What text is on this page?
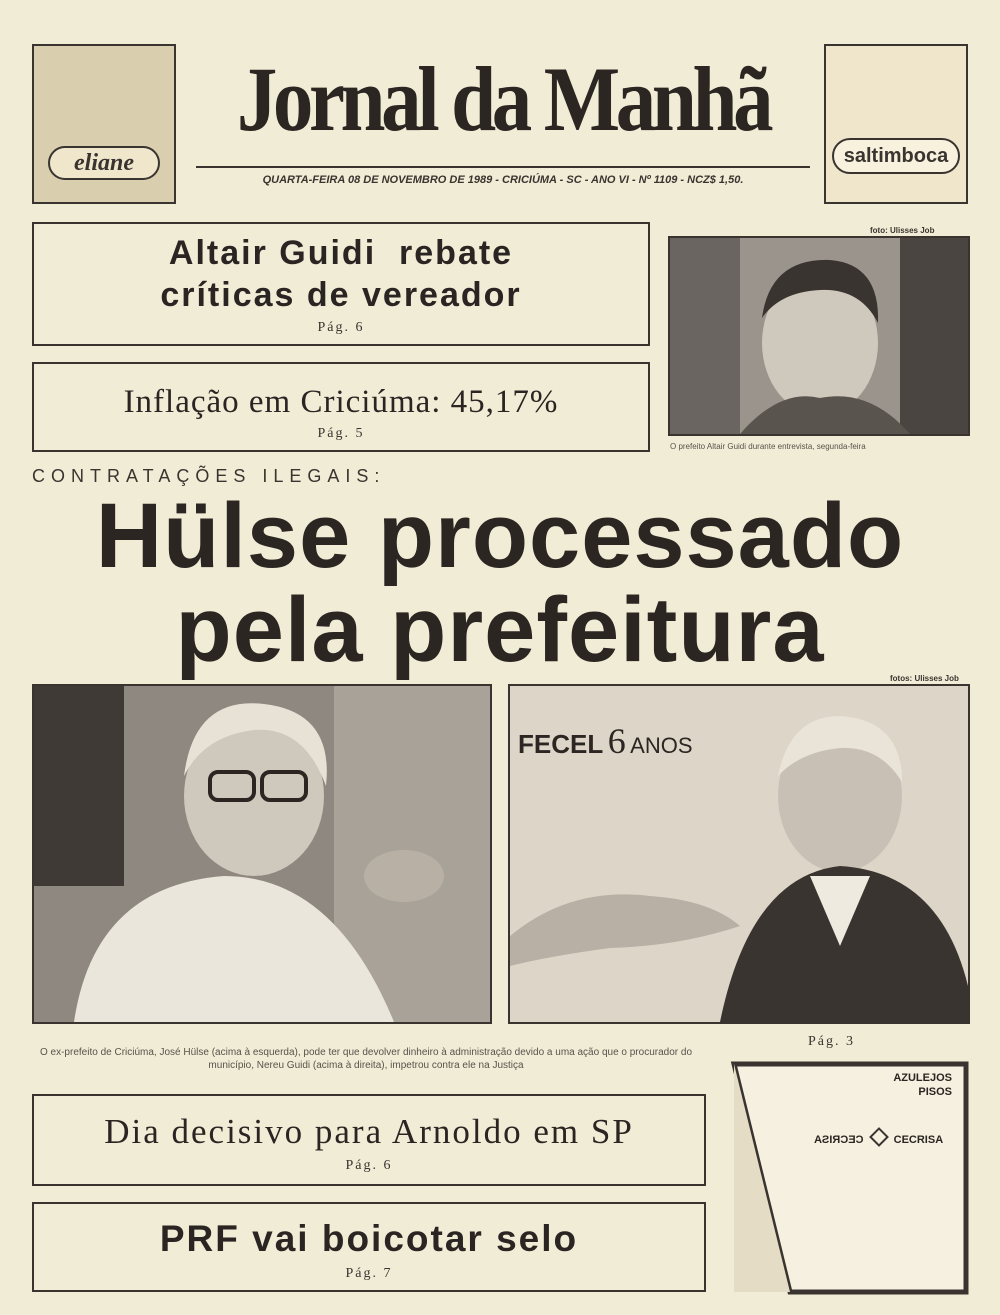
eliane
Jornal da Manhã
QUARTA-FEIRA 08 DE NOVEMBRO DE 1989 - CRICIÚMA - SC - ANO VI - Nº 1109 - NCZ$ 1,50.
saltimboca
Altair Guidi  rebate
críticas de vereador
Pág. 6
Inflação em Criciúma: 45,17%
Pág. 5
foto: Ulisses Job
O prefeito Altair Guidi durante entrevista, segunda-feira
CONTRATAÇÕES ILEGAIS:
Hülse processado
pela prefeitura	fotos: Ulisses Job
FECEL 6 ANOS
O ex-prefeito de Criciúma, José Hülse (acima à esquerda), pode ter que devolver dinheiro à administração devido a uma ação que o procurador do município, Nereu Guidi (acima à direita), impetrou contra ele na Justiça
Pág. 3
Dia decisivo para Arnoldo em SP
Pág. 6
PRF vai boicotar selo
Pág. 7
AZULEJOS
PISOS
CECRISA	CECRISA
